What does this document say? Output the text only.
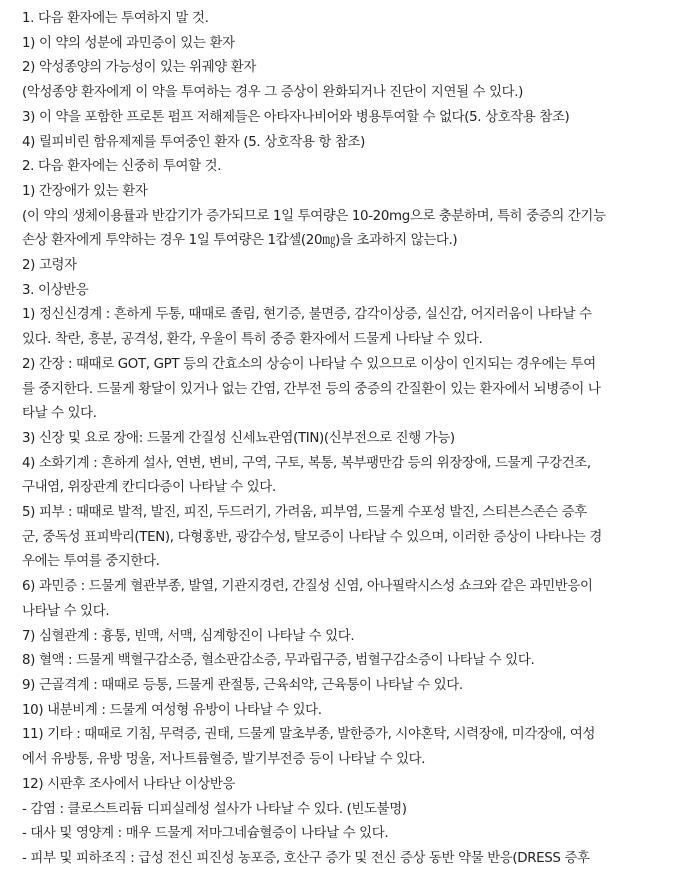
1. 다음 환자에는 투여하지 말 것.
1) 이 약의 성분에 과민증이 있는 환자
2) 악성종양의 가능성이 있는 위궤양 환자
(악성종양 환자에게 이 약을 투여하는 경우 그 증상이 완화되거나 진단이 지연될 수 있다.)
3) 이 약을 포함한 프로톤 펌프 저해제들은 아타자나비어와 병용투여할 수 없다(5. 상호작용 참조)
4) 릴피비린 함유제제를 투여중인 환자 (5. 상호작용 항 참조)
2. 다음 환자에는 신중히 투여할 것.
1) 간장애가 있는 환자
(이 약의 생체이용률과 반감기가 증가되므로 1일 투여량은 10-20mg으로 충분하며, 특히 중증의 간기능
손상 환자에게 투약하는 경우 1일 투여량은 1캅셀(20㎎)을 초과하지 않는다.)
2) 고령자
3. 이상반응
1) 정신신경계 : 흔하게 두통, 때때로 졸림, 현기증, 불면증, 감각이상증, 실신감, 어지러움이 나타날 수
있다. 착란, 흥분, 공격성, 환각, 우울이 특히 중증 환자에서 드물게 나타날 수 있다.
2) 간장 : 때때로 GOT, GPT 등의 간효소의 상승이 나타날 수 있으므로 이상이 인지되는 경우에는 투여
를 중지한다. 드물게 황달이 있거나 없는 간염, 간부전 등의 중증의 간질환이 있는 환자에서 뇌병증이 나
타날 수 있다.
3) 신장 및 요로 장애: 드물게 간질성 신세뇨관염(TIN)(신부전으로 진행 가능)
4) 소화기계 : 흔하게 설사, 연변, 변비, 구역, 구토, 복통, 복부팽만감 등의 위장장애, 드물게 구강건조,
구내염, 위장관계 칸디다증이 나타날 수 있다.
5) 피부 : 때때로 발적, 발진, 피진, 두드러기, 가려움, 피부염, 드물게 수포성 발진, 스티븐스존슨 증후
군, 중독성 표피박리(TEN), 다형홍반, 광감수성, 탈모증이 나타날 수 있으며, 이러한 증상이 나타나는 경
우에는 투여를 중지한다.
6) 과민증 : 드물게 혈관부종, 발열, 기관지경련, 간질성 신염, 아나필락시스성 쇼크와 같은 과민반응이
나타날 수 있다.
7) 심혈관계 : 흉통, 빈맥, 서맥, 심계항진이 나타날 수 있다.
8) 혈액 : 드물게 백혈구감소증, 혈소판감소증, 무과립구증, 범혈구감소증이 나타날 수 있다.
9) 근골격계 : 때때로 등통, 드물게 관절통, 근육쇠약, 근육통이 나타날 수 있다.
10) 내분비계 : 드물게 여성형 유방이 나타날 수 있다.
11) 기타 : 때때로 기침, 무력증, 권태, 드물게 말초부종, 발한증가, 시야혼탁, 시력장애, 미각장애, 여성
에서 유방통, 유방 멍울, 저나트륨혈증, 발기부전증 등이 나타날 수 있다.
12) 시판후 조사에서 나타난 이상반응
- 감염 : 클로스트리듐 디피실레성 설사가 나타날 수 있다. (빈도불명)
- 대사 및 영양계 : 매우 드물게 저마그네슘혈증이 나타날 수 있다.
- 피부 및 피하조직 : 급성 전신 피진성 농포증, 호산구 증가 및 전신 증상 동반 약물 반응(DRESS 증후
